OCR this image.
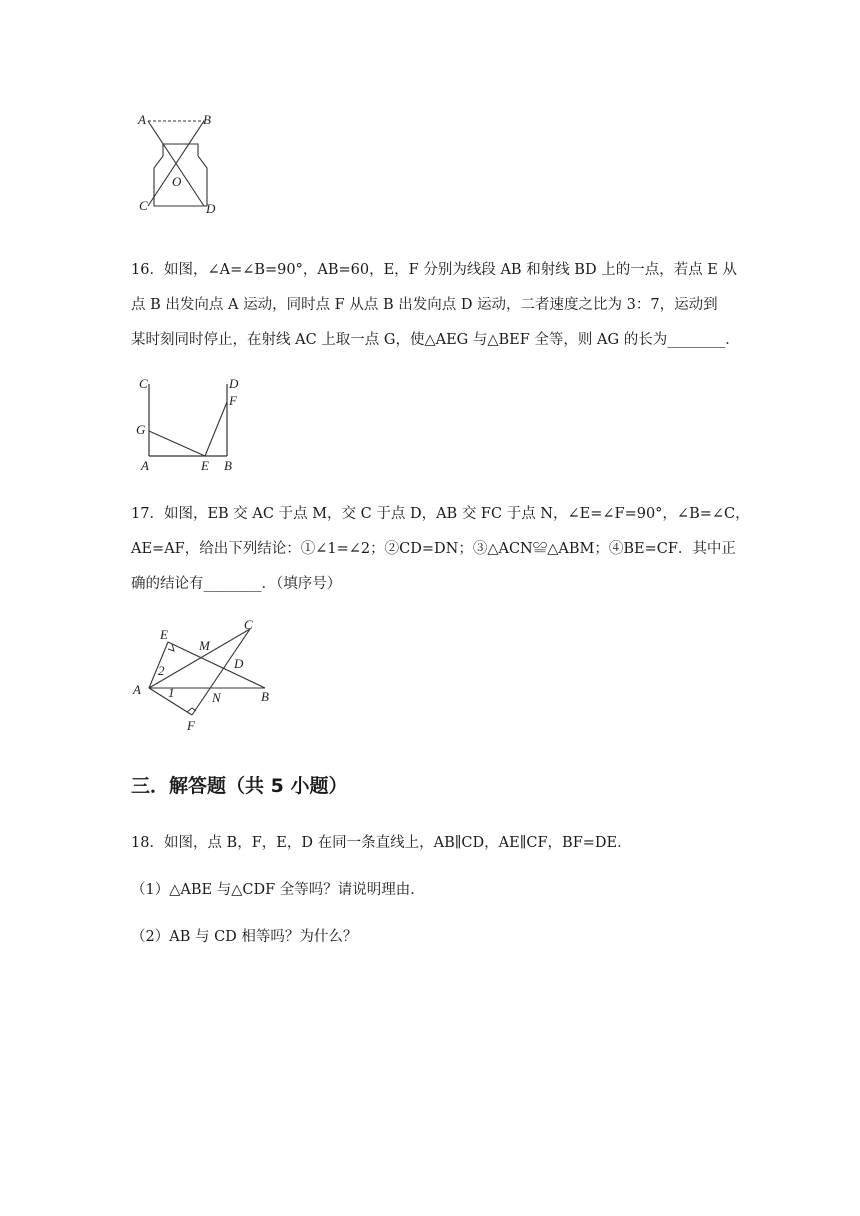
A	B
O
C	D
16．如图，∠A=∠B=90°，AB=60，E，F 分别为线段 AB 和射线 BD 上的一点，若点 E 从
点 B 出发向点 A 运动，同时点 F 从点 B 出发向点 D 运动，二者速度之比为 3：7，运动到
某时刻同时停止，在射线 AC 上取一点 G，使△AEG 与△BEF 全等，则 AG 的长为________．
C	D
F
G
A	E B
17．如图，EB 交 AC 于点 M，交 C 于点 D，AB 交 FC 于点 N，∠E=∠F=90°，∠B=∠C，
AE=AF，给出下列结论：①∠1=∠2；②CD=DN；③△ACN≌△ABM；④BE=CF．其中正
确的结论有________．（填序号）
E
C
M
D
2
A 1	N	B
F
三．解答题（共 5 小题）

18．如图，点 B，F，E，D 在同一条直线上，AB∥CD，AE∥CF，BF=DE．

（1）△ABE 与△CDF 全等吗？请说明理由．

（2）AB 与 CD 相等吗？为什么？
